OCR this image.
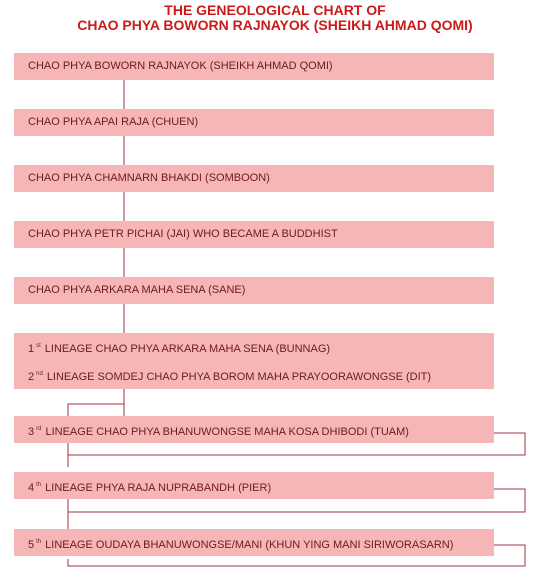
THE GENEOLOGICAL CHART OF
CHAO PHYA BOWORN RAJNAYOK (SHEIKH AHMAD QOMI)
CHAO PHYA BOWORN RAJNAYOK (SHEIKH AHMAD QOMI)
CHAO PHYA APAI RAJA (CHUEN)
CHAO PHYA CHAMNARN BHAKDI (SOMBOON)
CHAO PHYA PETR PICHAI (JAI) WHO BECAME A BUDDHIST
CHAO PHYA ARKARA MAHA SENA (SANE)
1 $^{st}$ LINEAGE CHAO PHYA ARKARA MAHA SENA (BUNNAG)
2 $^{nd}$ LINEAGE SOMDEJ CHAO PHYA BOROM MAHA PRAYOORAWONGSE (DIT)
3 $^{rd}$ LINEAGE CHAO PHYA BHANUWONGSE MAHA KOSA DHIBODI (TUAM)
4 $^{th}$ LINEAGE PHYA RAJA NUPRABANDH (PIER)
5 $^{th}$ LINEAGE OUDAYA BHANUWONGSE/MANI (KHUN YING MANI SIRIWORASARN)
